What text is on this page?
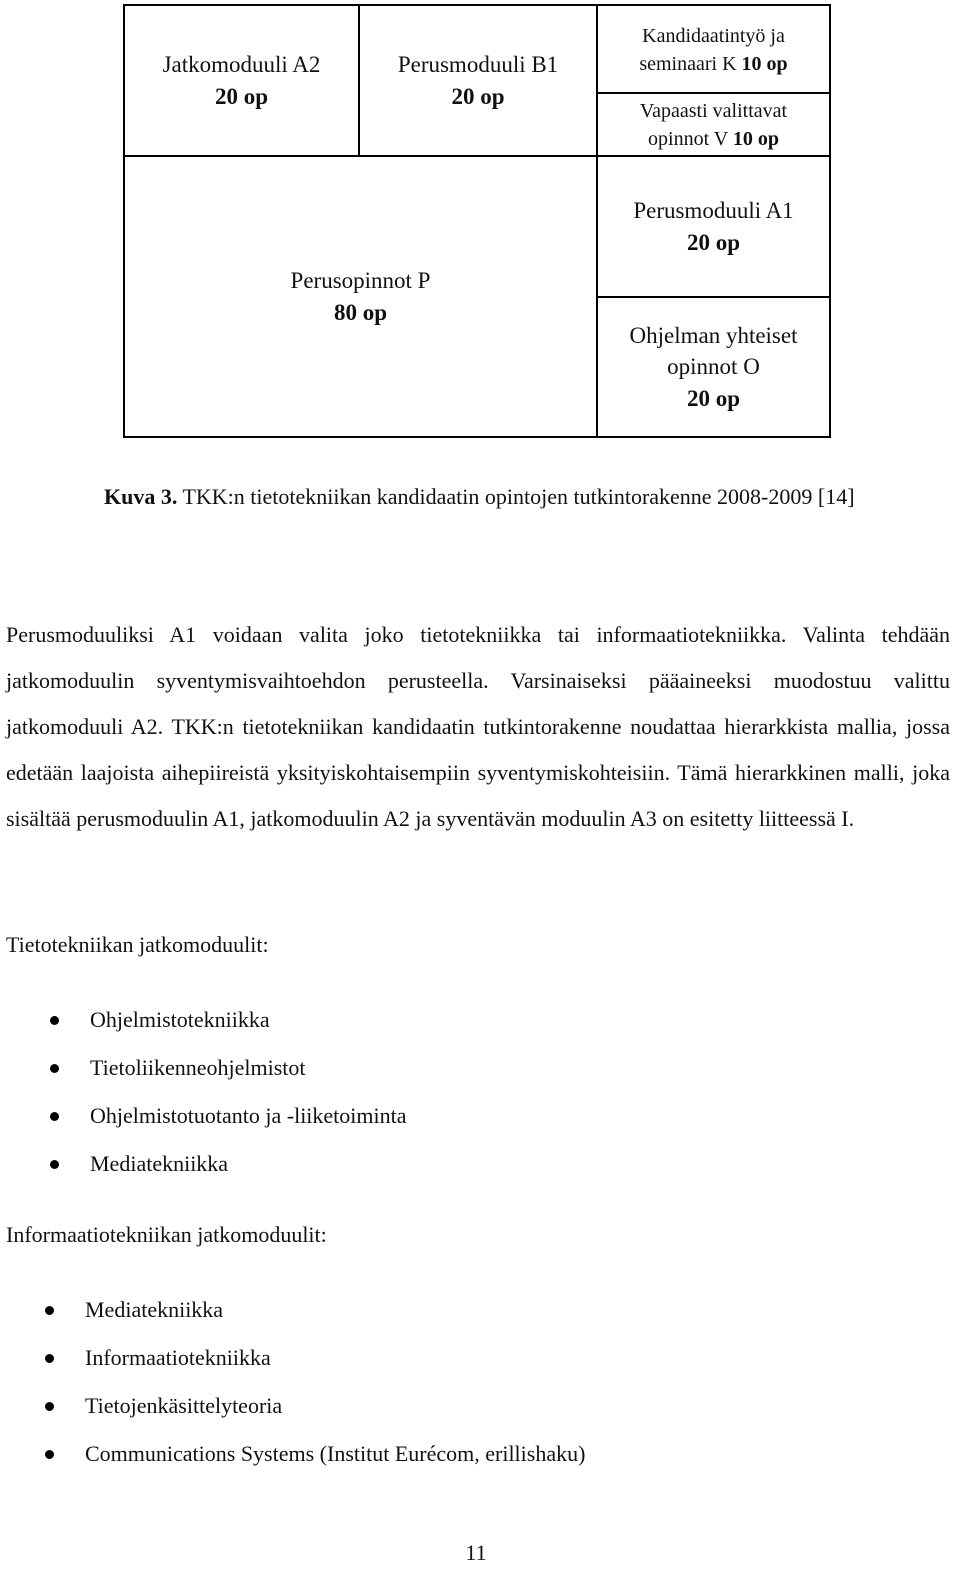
Jatkomoduuli A2
20 op
Perusmoduuli B1
20 op
Kandidaatintyö ja
seminaari K 10 op
Vapaasti valittavat
opinnot V 10 op
Perusopinnot P
80 op
Perusmoduuli A1
20 op
Ohjelman yhteiset
opinnot O
20 op
Kuva 3. TKK:n tietotekniikan kandidaatin opintojen tutkintorakenne 2008-2009 [14]
Perusmoduuliksi A1 voidaan valita joko tietotekniikka tai informaatiotekniikka. Valinta tehdään jatkomoduulin syventymisvaihtoehdon perusteella. Varsinaiseksi pääaineeksi muodostuu valittu jatkomoduuli A2. TKK:n tietotekniikan kandidaatin tutkintorakenne noudattaa hierarkkista mallia, jossa edetään laajoista aihepiireistä yksityiskohtaisempiin syventymiskohteisiin. Tämä hierarkkinen malli, joka sisältää perusmoduulin A1, jatkomoduulin A2 ja syventävän moduulin A3 on esitetty liitteessä I.
Tietotekniikan jatkomoduulit:
Ohjelmistotekniikka
Tietoliikenneohjelmistot
Ohjelmistotuotanto ja -liiketoiminta
Mediatekniikka
Informaatiotekniikan jatkomoduulit:
Mediatekniikka
Informaatiotekniikka
Tietojenkäsittelyteoria
Communications Systems (Institut Eurécom, erillishaku)
11
